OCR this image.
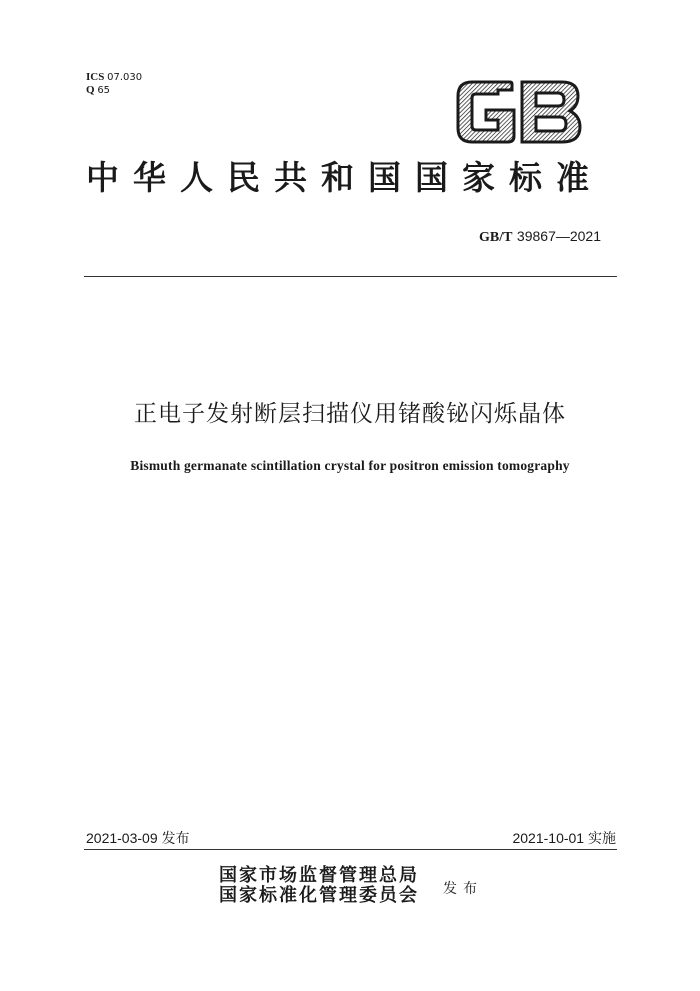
ICS 07.030
Q 65
中华人民共和国国家标准
GB/T 39867—2021
正电子发射断层扫描仪用锗酸铋闪烁晶体
Bismuth germanate scintillation crystal for positron emission tomography
2021-03-09 发布	2021-10-01 实施
国家市场监督管理总局
国家标准化管理委员会 发布
